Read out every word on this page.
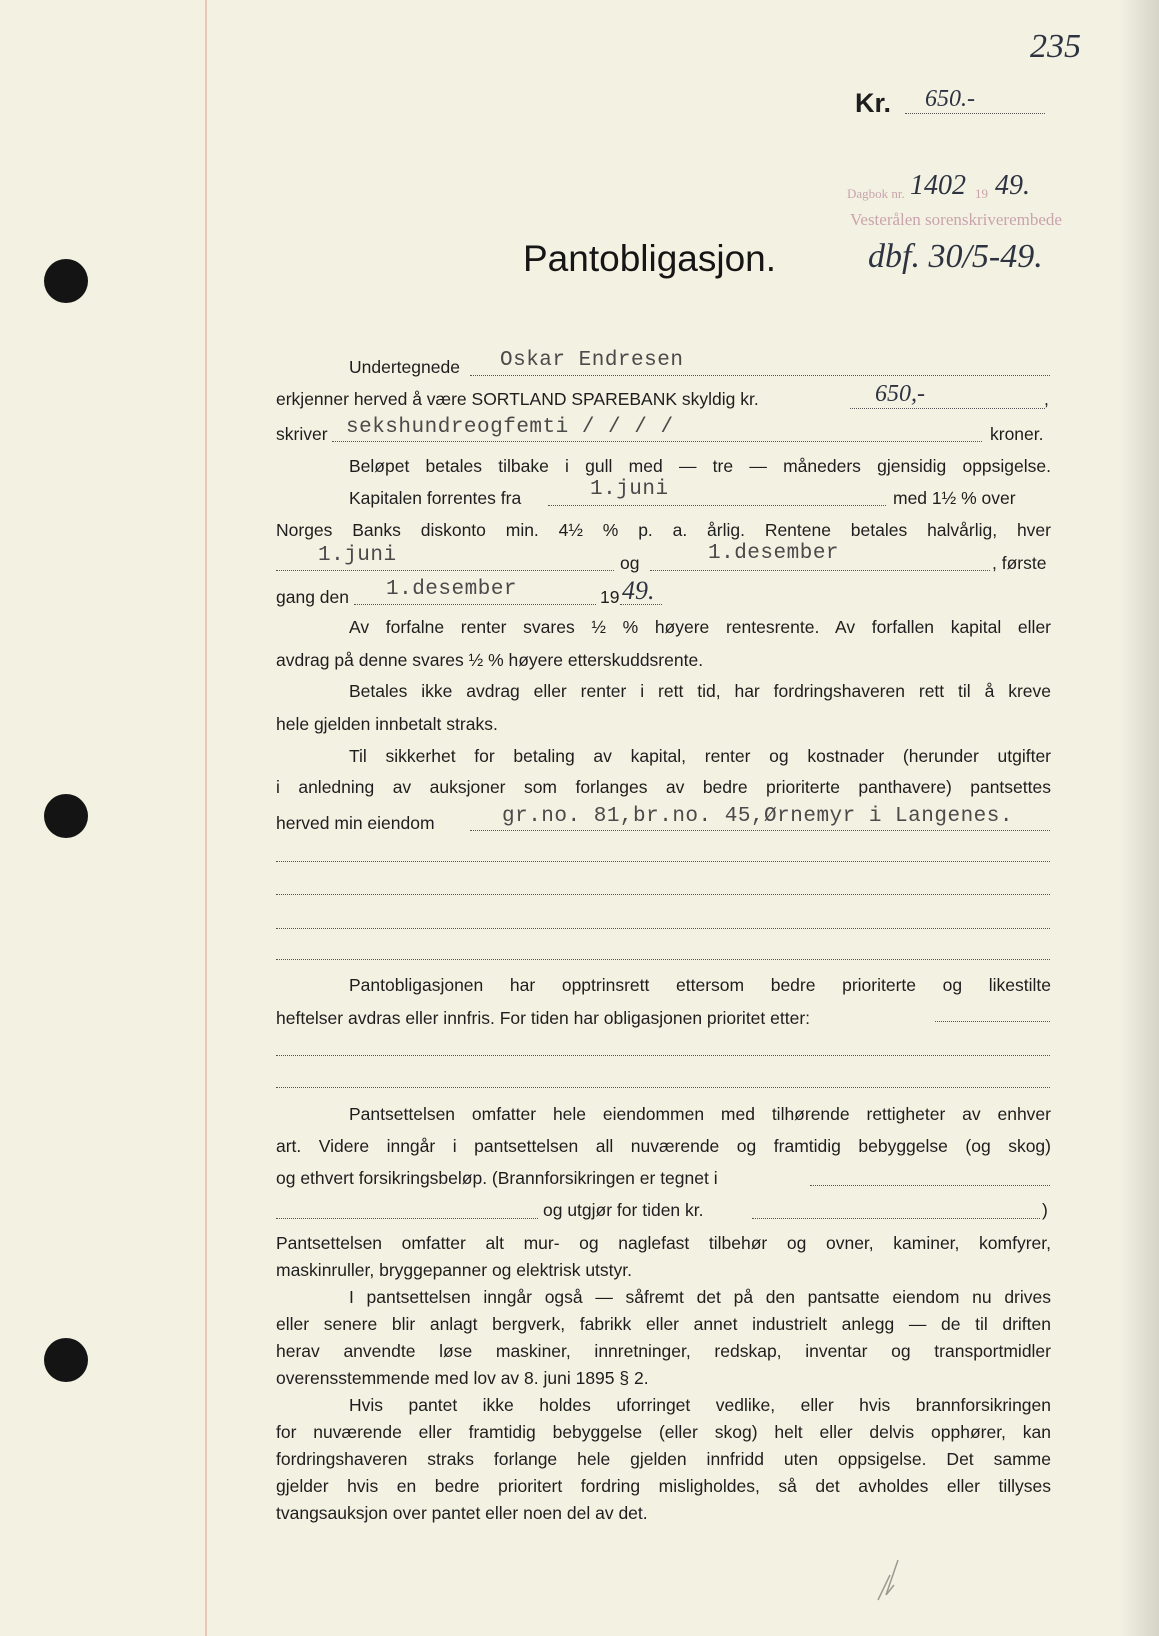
235
Kr. 650.-
Dagbok nr. 1402 19 49.
Vesterålen sorenskriverembede
dbf. 30/5-49.
Pantobligasjon.
Undertegnede Oskar Endresen
erkjenner herved å være SORTLAND SPAREBANK skyldig kr.	650,-	,
skriver sekshundreogfemti / / / /	kroner.
Beløpet betales tilbake i gull med — tre — måneders gjensidig oppsigelse.
Kapitalen forrentes fra	1.juni	med 1½ % over
Norges Banks diskonto min. 4½ % p. a. årlig. Rentene betales halvårlig, hver
1.juni	og	1.desember	, første
gang den 1.desember	19 49.
Av forfalne renter svares ½ % høyere rentesrente. Av forfallen kapital eller
avdrag på denne svares ½ % høyere etterskuddsrente.
Betales ikke avdrag eller renter i rett tid, har fordringshaveren rett til å kreve
hele gjelden innbetalt straks.
Til sikkerhet for betaling av kapital, renter og kostnader (herunder utgifter
i anledning av auksjoner som forlanges av bedre prioriterte panthavere) pantsettes
herved min eiendom	gr.no. 81,br.no. 45,Ørnemyr i Langenes.
Pantobligasjonen har opptrinsrett ettersom bedre prioriterte og likestilte
heftelser avdras eller innfris. For tiden har obligasjonen prioritet etter:
Pantsettelsen omfatter hele eiendommen med tilhørende rettigheter av enhver
art. Videre inngår i pantsettelsen all nuværende og framtidig bebyggelse (og skog)
og ethvert forsikringsbeløp. (Brannforsikringen er tegnet i
og utgjør for tiden kr.	)
Pantsettelsen omfatter alt mur- og naglefast tilbehør og ovner, kaminer, komfyrer,
maskinruller, bryggepanner og elektrisk utstyr.
I pantsettelsen inngår også — såfremt det på den pantsatte eiendom nu drives
eller senere blir anlagt bergverk, fabrikk eller annet industrielt anlegg — de til driften
herav anvendte løse maskiner, innretninger, redskap, inventar og transportmidler
overensstemmende med lov av 8. juni 1895 § 2.
Hvis pantet ikke holdes uforringet vedlike, eller hvis brannforsikringen
for nuværende eller framtidig bebyggelse (eller skog) helt eller delvis opphører, kan
fordringshaveren straks forlange hele gjelden innfridd uten oppsigelse. Det samme
gjelder hvis en bedre prioritert fordring misligholdes, så det avholdes eller tillyses
tvangsauksjon over pantet eller noen del av det.
